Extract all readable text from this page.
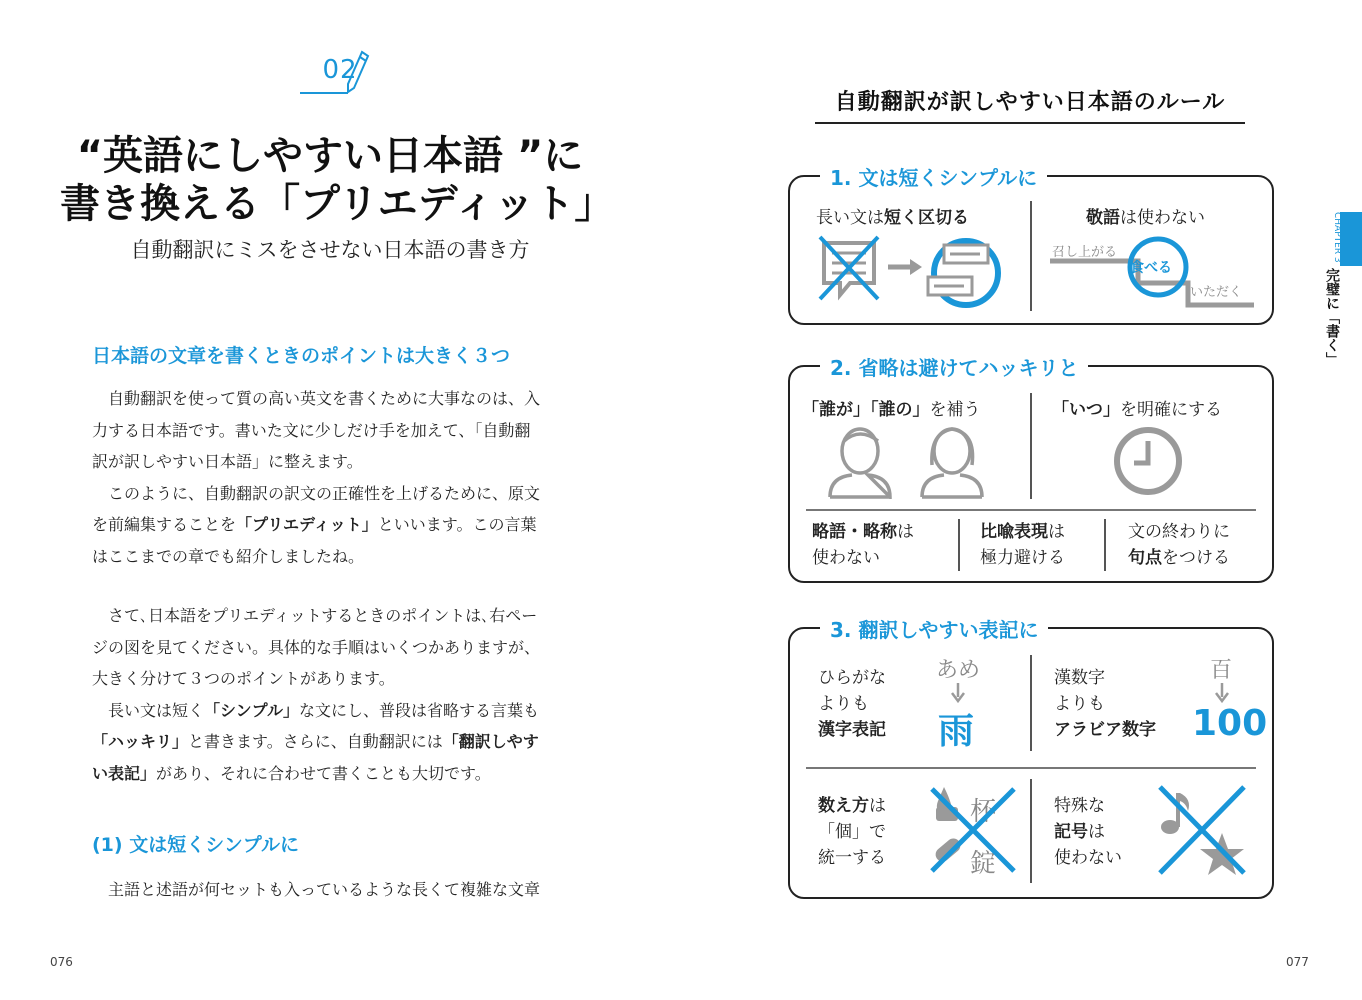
02
“英語にしやすい日本語 ”に
書き換える「プリエディット」
自動翻訳にミスをさせない日本語の書き方
日本語の文章を書くときのポイントは大きく３つ
　自動翻訳を使って質の高い英文を書くために大事なのは、入
力する日本語です。書いた文に少しだけ手を加えて、「自動翻
訳が訳しやすい日本語」に整えます。
　このように、自動翻訳の訳文の正確性を上げるために、原文
を前編集することを「プリエディット」といいます。この言葉
はここまでの章でも紹介しましたね。
　さて､日本語をプリエディットするときのポイントは､右ペー
ジの図を見てください。具体的な手順はいくつかありますが、
大きく分けて３つのポイントがあります。
　長い文は短く「シンプル」な文にし、普段は省略する言葉も
「ハッキリ」と書きます。さらに、自動翻訳には「翻訳しやす
い表記」があり、それに合わせて書くことも大切です。
(1) 文は短くシンプルに
　主語と述語が何セットも入っているような長くて複雑な文章
076
自動翻訳が訳しやすい日本語のルール
1. 文は短くシンプルに
長い文は短く区切る	敬語は使わない
召し上がる
食べる
いただく
2. 省略は避けてハッキリと
「誰が」「誰の」を補う	「いつ」を明確にする
略語・略称は
使わない
比喩表現は
極力避ける
文の終わりに
句点をつける
3. 翻訳しやすい表記に
ひらがな
よりも
漢字表記
あめ
雨
漢数字
よりも
アラビア数字
百
100
数え方は
「個」で
統一する
杯
錠
特殊な
記号は
使わない
CHAPTER 3
完璧に「書く」
077
